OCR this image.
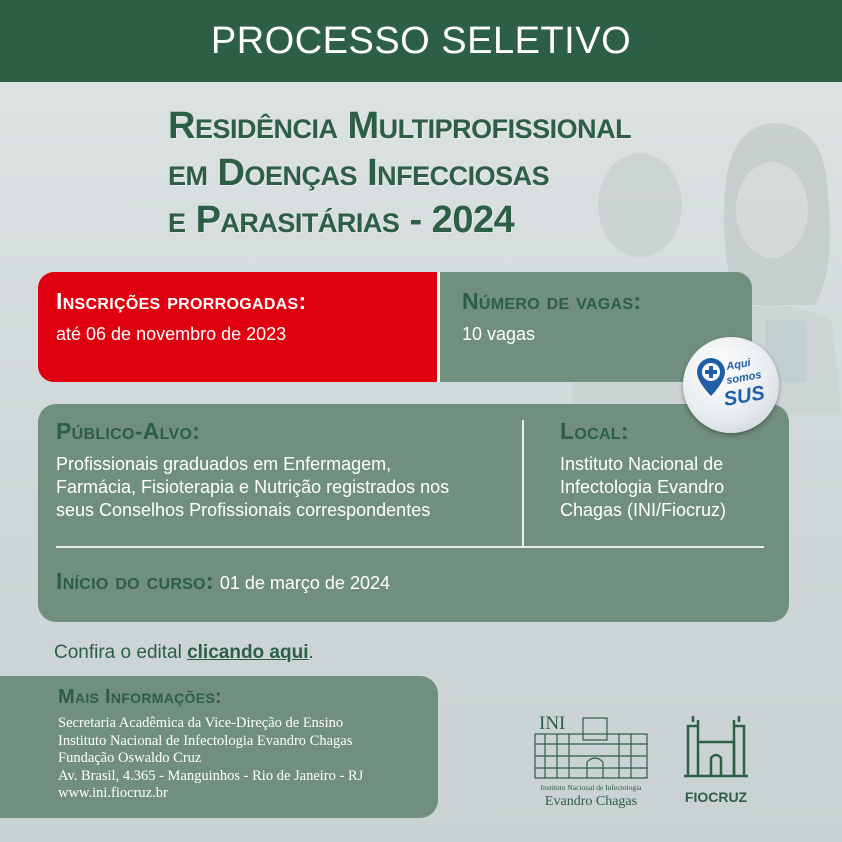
PROCESSO SELETIVO
Residência Multiprofissional
em Doenças Infecciosas
e Parasitárias - 2024
Inscrições prorrogadas:
até 06 de novembro de 2023
Número de vagas:
10 vagas
Público-Alvo:
Profissionais graduados em Enfermagem,
Farmácia, Fisioterapia e Nutrição registrados nos
seus Conselhos Profissionais correspondentes
Local:
Instituto Nacional de
Infectologia Evandro
Chagas (INI/Fiocruz)
Início do curso: 01 de março de 2024
Aqui
somos
SUS
Confira o edital clicando aqui.
Mais Informações:
Secretaria Acadêmica da Vice-Direção de Ensino
Instituto Nacional de Infectologia Evandro Chagas
Fundação Oswaldo Cruz
Av. Brasil, 4.365 - Manguinhos - Rio de Janeiro - RJ
www.ini.fiocruz.br
INI
Instituto Nacional de Infectologia
Evandro Chagas	FIOCRUZ
